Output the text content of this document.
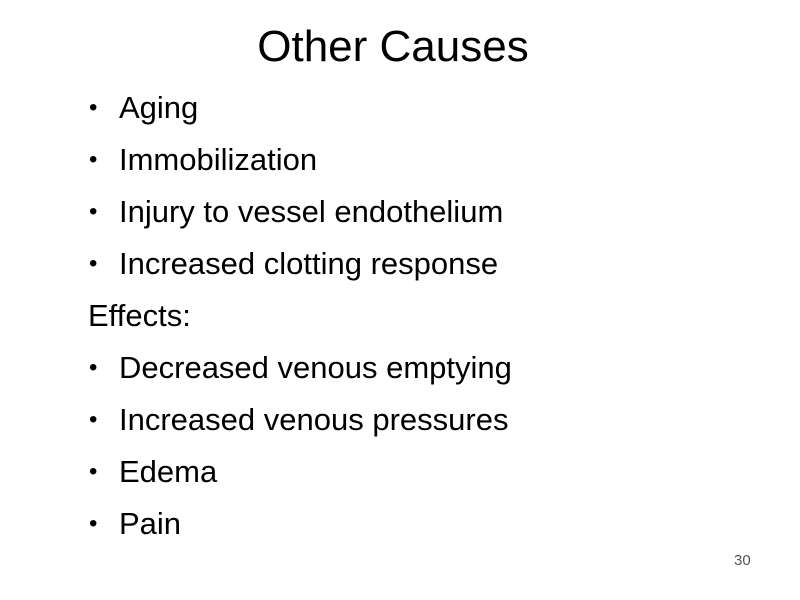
Other Causes
• Aging
• Immobilization
• Injury to vessel endothelium
• Increased clotting response
Effects:
• Decreased venous emptying
• Increased venous pressures
• Edema
• Pain
30
